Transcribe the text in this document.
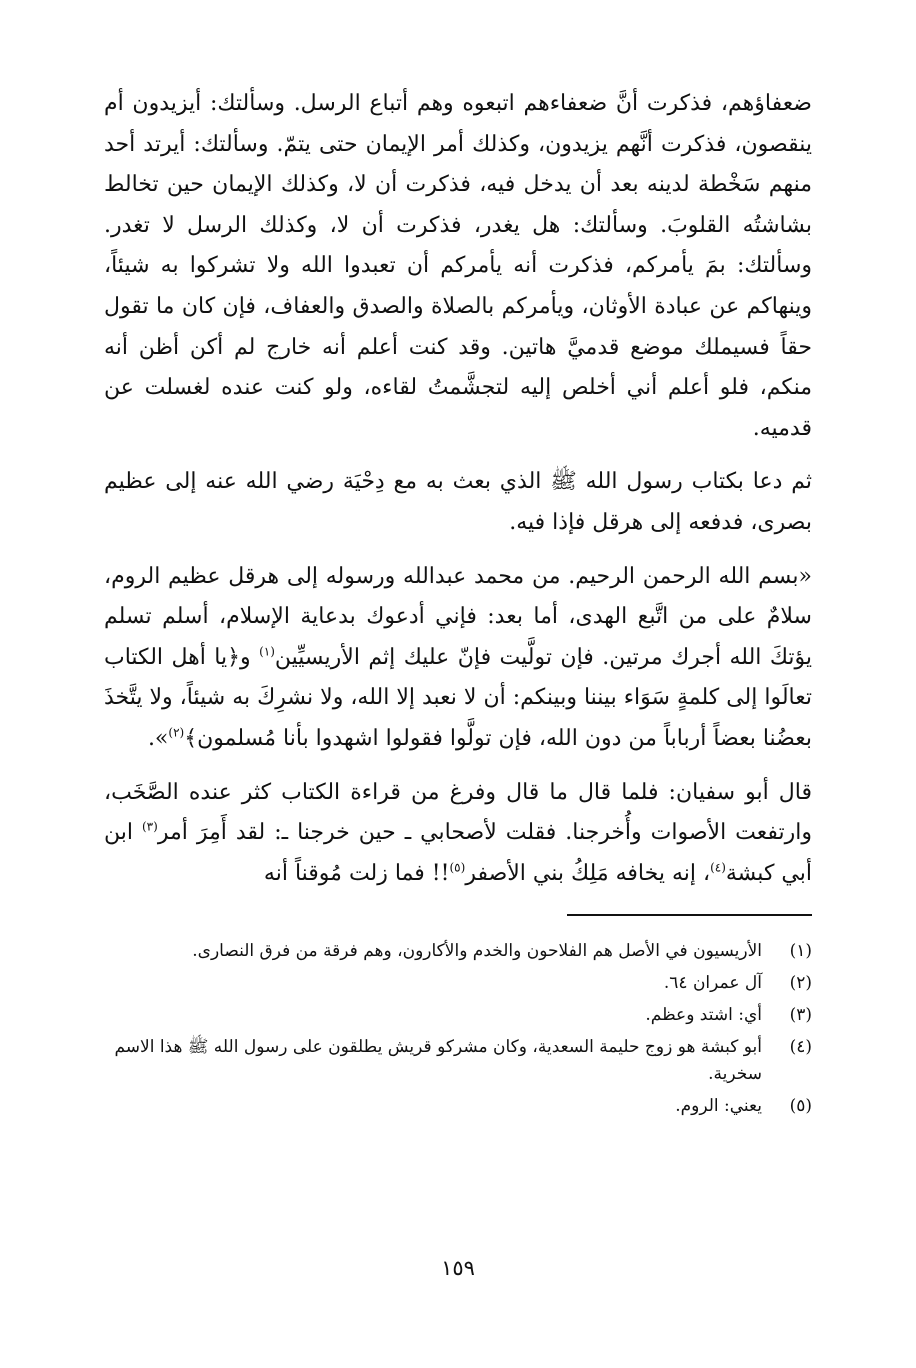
ضعفاؤهم، فذكرت أنَّ ضعفاءهم اتبعوه وهم أتباع الرسل. وسألتك: أيزيدون أم ينقصون، فذكرت أنَّهم يزيدون، وكذلك أمر الإيمان حتى يتمّ. وسألتك: أيرتد أحد منهم سَخْطة لدينه بعد أن يدخل فيه، فذكرت أن لا، وكذلك الإيمان حين تخالط بشاشتُه القلوبَ. وسألتك: هل يغدر، فذكرت أن لا، وكذلك الرسل لا تغدر. وسألتك: بمَ يأمركم، فذكرت أنه يأمركم أن تعبدوا الله ولا تشركوا به شيئاً، وينهاكم عن عبادة الأوثان، ويأمركم بالصلاة والصدق والعفاف، فإن كان ما تقول حقاً فسيملك موضع قدميَّ هاتين. وقد كنت أعلم أنه خارج لم أكن أظن أنه منكم، فلو أعلم أني أخلص إليه لتجشَّمتُ لقاءه، ولو كنت عنده لغسلت عن قدميه.

ثم دعا بكتاب رسول الله ﷺ الذي بعث به مع دِحْيَة رضي الله عنه إلى عظيم بصرى، فدفعه إلى هرقل فإذا فيه.

«بسم الله الرحمن الرحيم. من محمد عبدالله ورسوله إلى هرقل عظيم الروم، سلامٌ على من اتَّبع الهدى، أما بعد: فإني أدعوك بدعاية الإسلام، أسلم تسلم يؤتكَ الله أجرك مرتين. فإن تولَّيت فإنّ عليك إثم الأريسيِّين$^{(١)}$ و﴿يا أهل الكتاب تعالَوا إلى كلمةٍ سَوَاء بيننا وبينكم: أن لا نعبد إلا الله، ولا نشرِكَ به شيئاً، ولا يتَّخذَ بعضُنا بعضاً أرباباً من دون الله، فإن تولَّوا فقولوا اشهدوا بأنا مُسلمون﴾$^{(٢)}$».

قال أبو سفيان: فلما قال ما قال وفرغ من قراءة الكتاب كثر عنده الصَّخَب، وارتفعت الأصوات وأُخرجنا. فقلت لأصحابي ـ حين خرجنا ـ: لقد أَمِرَ أمر$^{(٣)}$ ابن أبي كبشة$^{(٤)}$، إنه يخافه مَلِكُ بني الأصفر$^{(٥)}$!! فما زلت مُوقناً أنه

(١)
الأريسيون في الأصل هم الفلاحون والخدم والأكارون، وهم فرقة من فرق النصارى.
(٢)
آل عمران ٦٤.
(٣)
أي: اشتد وعظم.
(٤)
أبو كبشة هو زوج حليمة السعدية، وكان مشركو قريش يطلقون على رسول الله ﷺ هذا الاسم سخرية.
(٥)
يعني: الروم.
١٥٩
